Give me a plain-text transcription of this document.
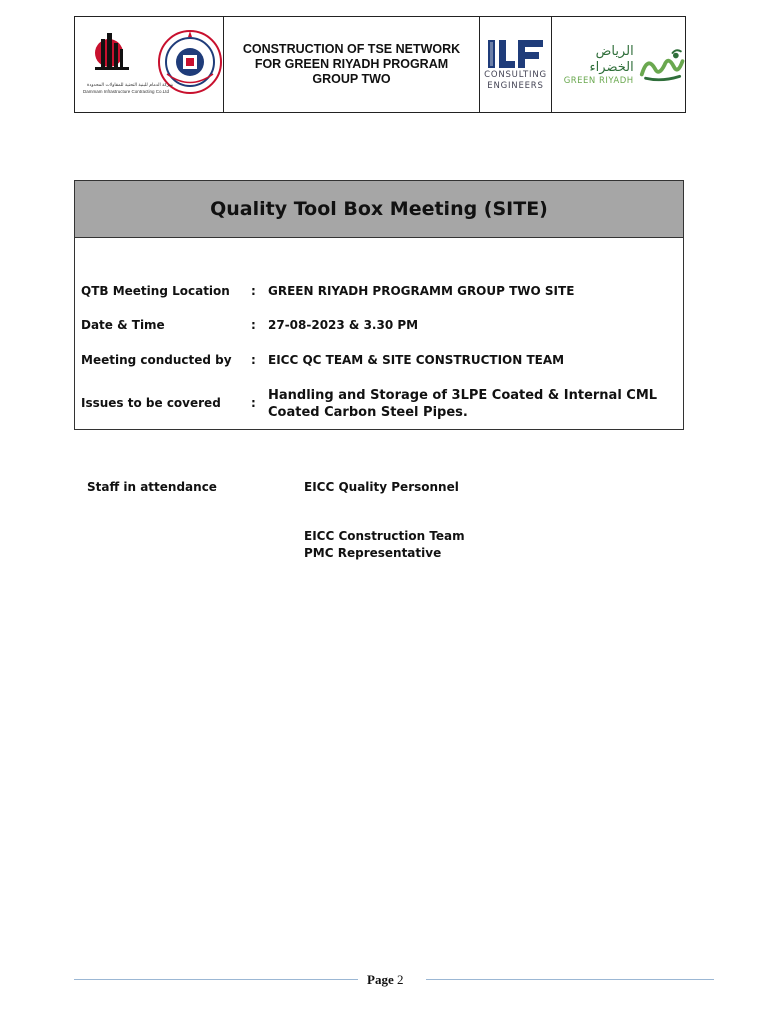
شركة الدمام للبنية التحتية للمقاولات المحدودة
Dammam Infrastructure Contracting Co.Ltd
CONSTRUCTION OF TSE NETWORK
FOR GREEN RIYADH PROGRAM
GROUP TWO	CONSULTING
ENGINEERS
الرياض الخضراء
GREEN RIYADH
Quality Tool Box Meeting (SITE)
QTB Meeting Location : GREEN RIYADH PROGRAMM GROUP TWO SITE
Date & Time	: 27-08-2023 & 3.30 PM
Meeting conducted by : EICC QC TEAM & SITE CONSTRUCTION TEAM
Issues to be covered	: Handling and Storage of 3LPE Coated & Internal CML
Coated Carbon Steel Pipes.
Staff in attendance	EICC Quality Personnel
EICC Construction Team
PMC Representative
Page 2
